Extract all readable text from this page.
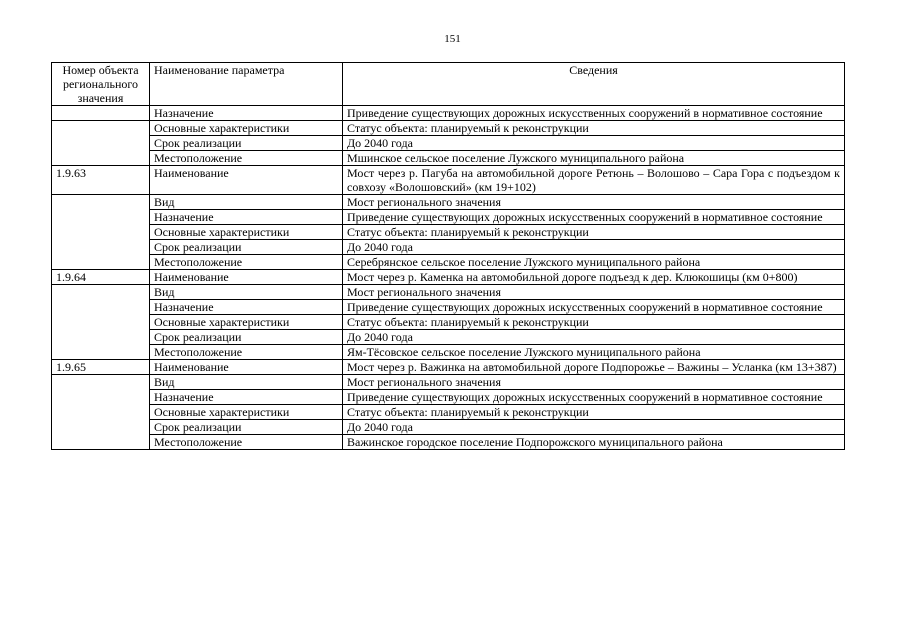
151
Номер объекта регионального значения	Наименование параметра	Сведения
	Назначение	Приведение существующих дорожных искусственных сооружений в нормативное состояние
	Основные характеристики	Статус объекта: планируемый к реконструкции
	Срок реализации	До 2040 года
	Местоположение	Мшинское сельское поселение Лужского муниципального района
1.9.63	Наименование	Мост через р. Пагуба на автомобильной дороге Ретюнь – Волошово – Сара Гора с подъездом к совхозу «Волошовский» (км 19+102)
	Вид	Мост регионального значения
	Назначение	Приведение существующих дорожных искусственных сооружений в нормативное состояние
	Основные характеристики	Статус объекта: планируемый к реконструкции
	Срок реализации	До 2040 года
	Местоположение	Серебрянское сельское поселение Лужского муниципального района
1.9.64	Наименование	Мост через р. Каменка на автомобильной дороге подъезд к дер. Клюкошицы (км 0+800)
	Вид	Мост регионального значения
	Назначение	Приведение существующих дорожных искусственных сооружений в нормативное состояние
	Основные характеристики	Статус объекта: планируемый к реконструкции
	Срок реализации	До 2040 года
	Местоположение	Ям-Тёсовское сельское поселение Лужского муниципального района
1.9.65	Наименование	Мост через р. Важинка на автомобильной дороге Подпорожье – Важины – Усланка (км 13+387)
	Вид	Мост регионального значения
	Назначение	Приведение существующих дорожных искусственных сооружений в нормативное состояние
	Основные характеристики	Статус объекта: планируемый к реконструкции
	Срок реализации	До 2040 года
	Местоположение	Важинское городское поселение Подпорожского муниципального района
